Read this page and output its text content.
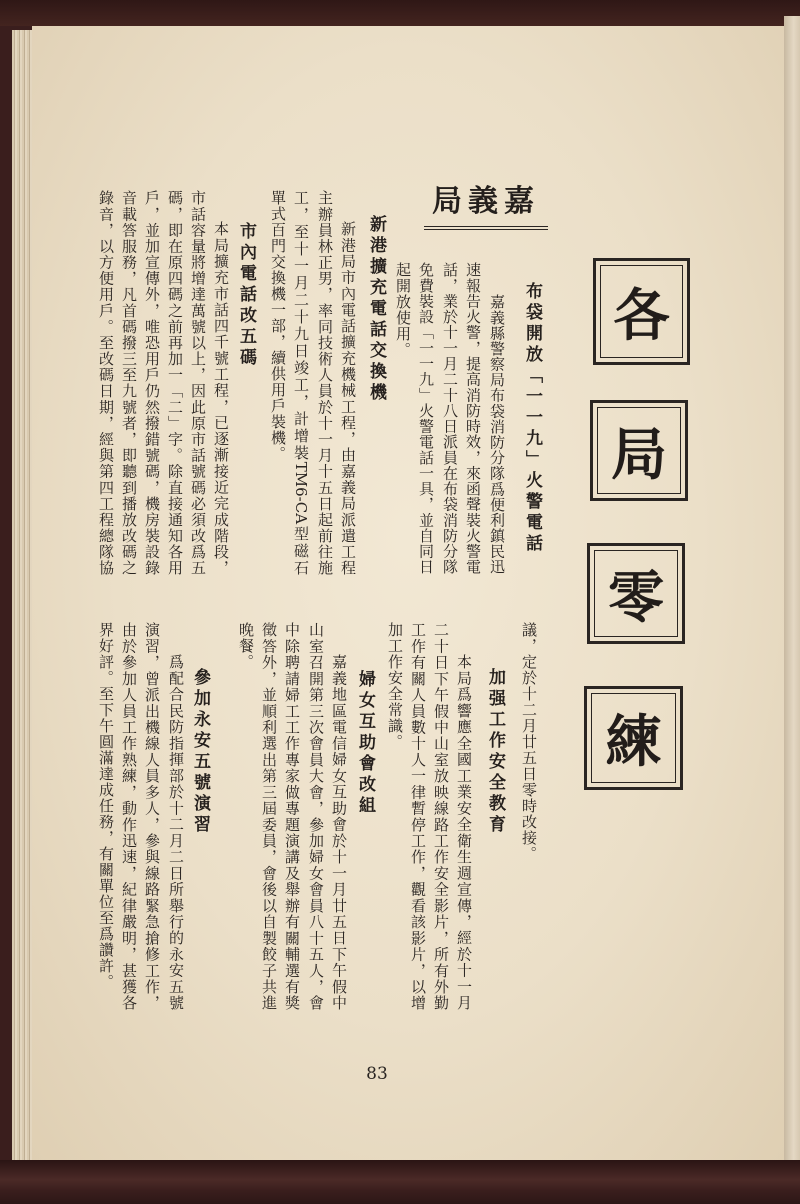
嘉義局
各
局
零
練
布袋開放「一一九」火警電話
嘉義縣警察局布袋消防分隊爲便利鎮民迅
速報告火警，提高消防時效，來函聲裝火警電
話，業於十一月二十八日派員在布袋消防分隊
免費裝設「一一九」火警電話一具，並自同日
起開放使用。
新港擴充電話交換機
新港局市內電話擴充機械工程，由嘉義局派遣工程
主辦員林正男，率同技術人員於十一月十五日起前往施
工，至十一月二十九日竣工，計增裝TM6-CA型磁石
單式百門交換機一部，續供用戶裝機。
市內電話改五碼
本局擴充市話四千號工程，已逐漸接近完成階段，
市話容量將增達萬號以上，因此原市話號碼必須改爲五
碼，即在原四碼之前再加一「二」字。除直接通知各用
戶，並加宣傳外，唯恐用戶仍然撥錯號碼，機房裝設錄
音載答服務，凡首碼撥三至九號者，即聽到播放改碼之
錄音，以方便用戶。至改碼日期，經與第四工程總隊協
議，定於十二月廿五日零時改接。
加强工作安全教育
本局爲響應全國工業安全衛生週宣傳，經於十一月
二十日下午假中山室放映線路工作安全影片，所有外勤
工作有關人員數十人一律暫停工作，觀看該影片，以增
加工作安全常識。
婦女互助會改組
嘉義地區電信婦女互助會於十一月廿五日下午假中
山室召開第三次會員大會，參加婦女會員八十五人，會
中除聘請婦工工作專家做專題演講及舉辦有關輔選有獎
徵答外，並順利選出第三屆委員，會後以自製餃子共進
晚餐。
參加永安五號演習
爲配合民防指揮部於十二月二日所舉行的永安五號
演習，曾派出機線人員多人，參與線路緊急搶修工作，
由於參加人員工作熟練，動作迅速，紀律嚴明，甚獲各
界好評。至下午圓滿達成任務，有關單位至爲讚許。
83
